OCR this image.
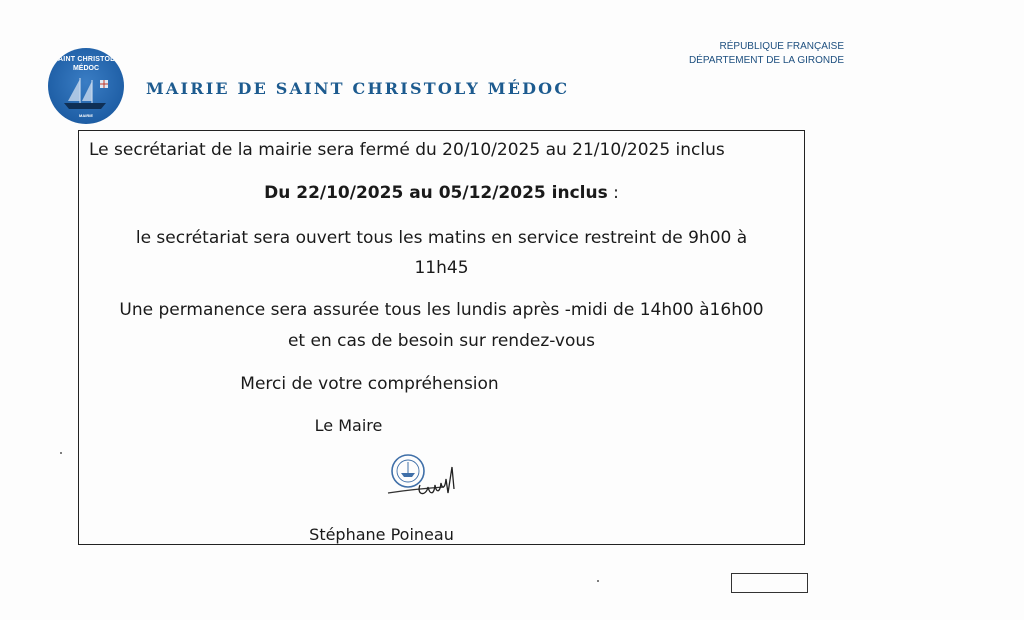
SAINT CHRISTOLY
MÉDOC
MAIRIE
MAIRIE DE SAINT CHRISTOLY MÉDOC
RÉPUBLIQUE FRANÇAISE
DÉPARTEMENT DE LA GIRONDE
Le secrétariat de la mairie sera fermé du 20/10/2025 au 21/10/2025 inclus
Du 22/10/2025 au 05/12/2025 inclus :
le secrétariat sera ouvert tous les matins en service restreint de 9h00 à
11h45
Une permanence sera assurée tous les lundis après -midi de 14h00 à16h00
et en cas de besoin sur rendez-vous
Merci de votre compréhension
Le Maire
Stéphane Poineau
